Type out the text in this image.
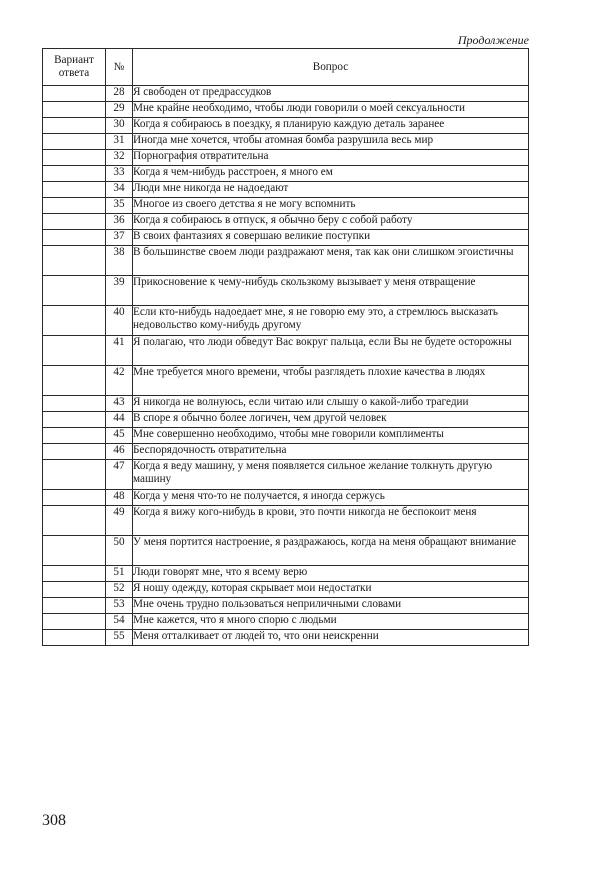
Продолжение
Вариант ответа	№	Вопрос
	28	Я свободен от предрассудков
	29	Мне крайне необходимо, чтобы люди говорили о моей сексуальности
	30	Когда я собираюсь в поездку, я планирую каждую деталь заранее
	31	Иногда мне хочется, чтобы атомная бомба разрушила весь мир
	32	Порнография отвратительна
	33	Когда я чем-нибудь расстроен, я много ем
	34	Люди мне никогда не надоедают
	35	Многое из своего детства я не могу вспомнить
	36	Когда я собираюсь в отпуск, я обычно беру с собой работу
	37	В своих фантазиях я совершаю великие поступки
	38	В большинстве своем люди раздражают меня, так как они слишком эгоистичны
	39	Прикосновение к чему-нибудь скользкому вызывает у меня отвращение
	40	Если кто-нибудь надоедает мне, я не говорю ему это, а стремлюсь высказать недовольство кому-нибудь другому
	41	Я полагаю, что люди обведут Вас вокруг пальца, если Вы не будете осторожны
	42	Мне требуется много времени, чтобы разглядеть плохие качества в людях
	43	Я никогда не волнуюсь, если читаю или слышу о какой-либо трагедии
	44	В споре я обычно более логичен, чем другой человек
	45	Мне совершенно необходимо, чтобы мне говорили комплименты
	46	Беспорядочность отвратительна
	47	Когда я веду машину, у меня появляется сильное желание толкнуть другую машину
	48	Когда у меня что-то не получается, я иногда сержусь
	49	Когда я вижу кого-нибудь в крови, это почти никогда не беспокоит меня
	50	У меня портится настроение, я раздражаюсь, когда на меня обращают внимание
	51	Люди говорят мне, что я всему верю
	52	Я ношу одежду, которая скрывает мои недостатки
	53	Мне очень трудно пользоваться неприличными словами
	54	Мне кажется, что я много спорю с людьми
	55	Меня отталкивает от людей то, что они неискренни
308
